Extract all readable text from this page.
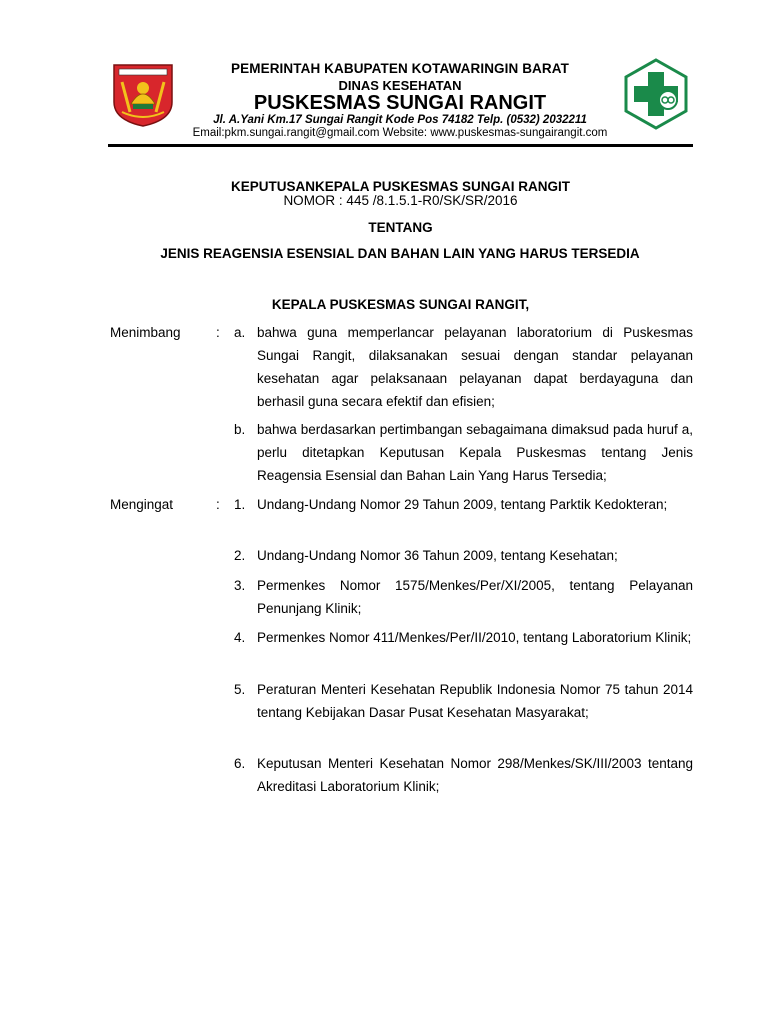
PEMERINTAH KABUPATEN KOTAWARINGIN BARAT
DINAS KESEHATAN
PUSKESMAS SUNGAI RANGIT
Jl. A.Yani Km.17 Sungai Rangit Kode Pos 74182 Telp. (0532) 2032211
Email:pkm.sungai.rangit@gmail.com Website: www.puskesmas-sungairangit.com
KEPUTUSANKEPALA PUSKESMAS SUNGAI RANGIT
NOMOR : 445 /8.1.5.1-R0/SK/SR/2016
TENTANG
JENIS REAGENSIA ESENSIAL DAN BAHAN LAIN YANG HARUS TERSEDIA
KEPALA PUSKESMAS SUNGAI RANGIT,
Menimbang	: a. bahwa guna memperlancar pelayanan laboratorium di Puskesmas Sungai Rangit, dilaksanakan sesuai dengan standar pelayanan kesehatan agar pelaksanaan pelayanan dapat berdayaguna dan berhasil guna secara efektif dan efisien;
b. bahwa berdasarkan pertimbangan sebagaimana dimaksud pada huruf a, perlu ditetapkan Keputusan Kepala Puskesmas tentang Jenis Reagensia Esensial dan Bahan Lain Yang Harus Tersedia;
Mengingat	: 1. Undang-Undang Nomor 29 Tahun 2009, tentang Parktik Kedokteran;
2. Undang-Undang Nomor 36 Tahun 2009, tentang Kesehatan;
3. Permenkes Nomor 1575/Menkes/Per/XI/2005, tentang Pelayanan Penunjang Klinik;
4. Permenkes Nomor 411/Menkes/Per/II/2010, tentang Laboratorium Klinik;
5. Peraturan Menteri Kesehatan Republik Indonesia Nomor 75 tahun 2014 tentang Kebijakan Dasar Pusat Kesehatan Masyarakat;
6. Keputusan Menteri Kesehatan Nomor 298/Menkes/SK/III/2003 tentang Akreditasi Laboratorium Klinik;
